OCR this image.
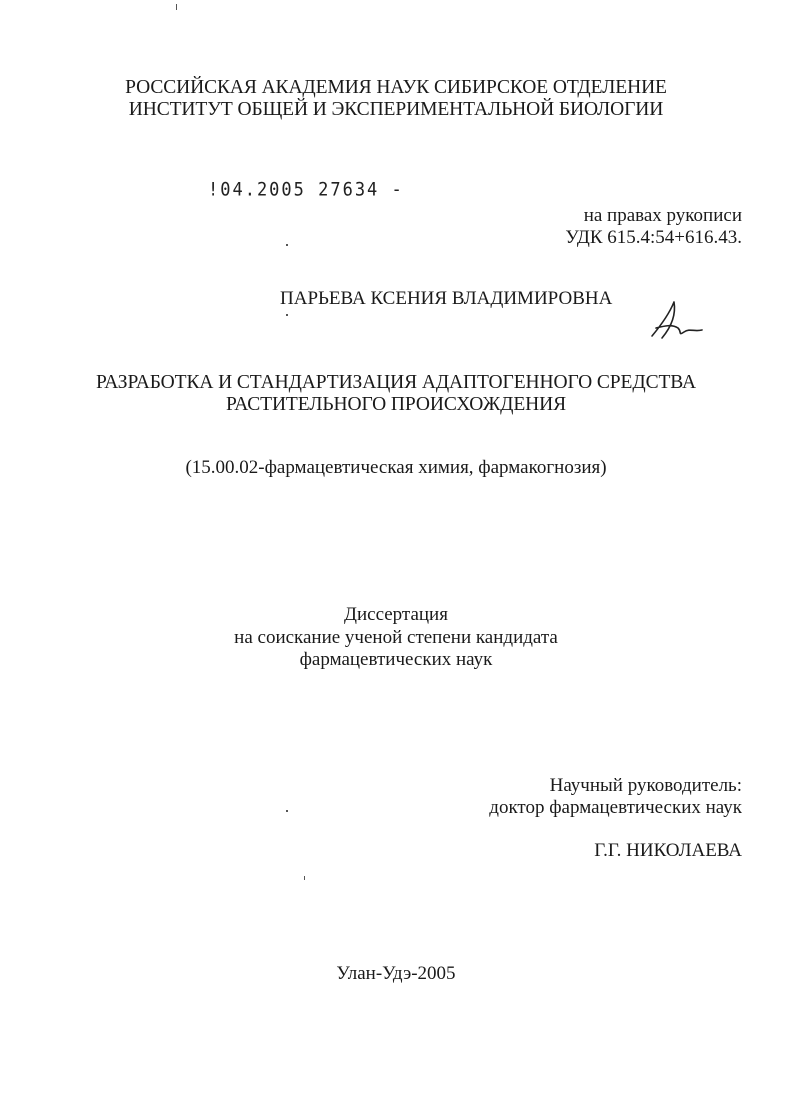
РОССИЙСКАЯ АКАДЕМИЯ НАУК СИБИРСКОЕ ОТДЕЛЕНИЕ
ИНСТИТУТ ОБЩЕЙ И ЭКСПЕРИМЕНТАЛЬНОЙ БИОЛОГИИ
!04.2005 27634 -
на правах рукописи
УДК 615.4:54+616.43.
ПАРЬЕВА КСЕНИЯ ВЛАДИМИРОВНА
РАЗРАБОТКА И СТАНДАРТИЗАЦИЯ АДАПТОГЕННОГО СРЕДСТВА
РАСТИТЕЛЬНОГО ПРОИСХОЖДЕНИЯ
(15.00.02-фармацевтическая химия, фармакогнозия)
Диссертация
на соискание ученой степени кандидата
фармацевтических наук
Научный руководитель:
доктор фармацевтических наук
Г.Г. НИКОЛАЕВА
Улан-Удэ-2005
